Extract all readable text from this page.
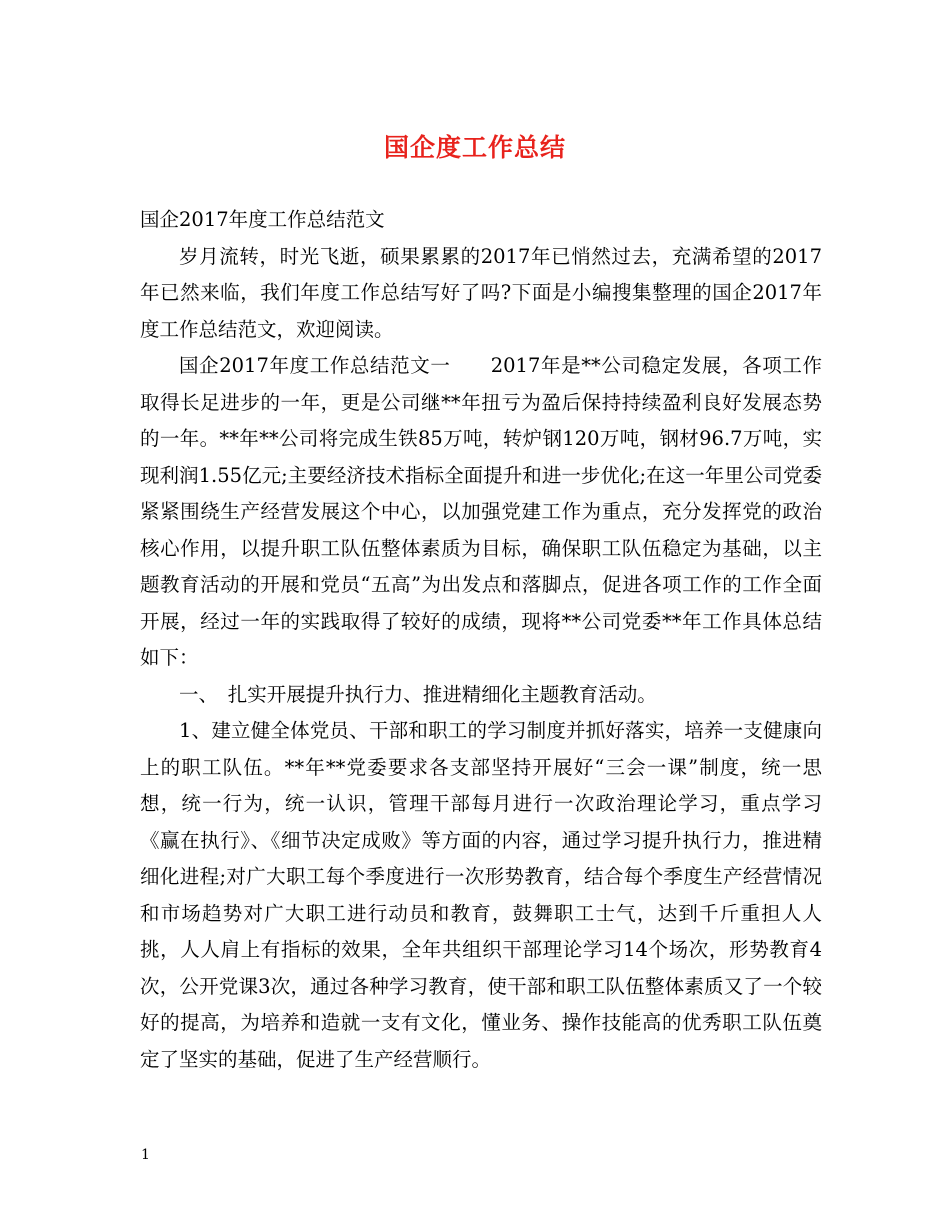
国企度工作总结

国企2017年度工作总结范文

岁月流转，时光飞逝，硕果累累的2017年已悄然过去，充满希望的2017年已然来临，我们年度工作总结写好了吗?下面是小编搜集整理的国企2017年度工作总结范文，欢迎阅读。

国企2017年度工作总结范文一　　2017年是**公司稳定发展，各项工作取得长足进步的一年，更是公司继**年扭亏为盈后保持持续盈利良好发展态势的一年。**年**公司将完成生铁85万吨，转炉钢120万吨，钢材96.7万吨，实现利润1.55亿元;主要经济技术指标全面提升和进一步优化;在这一年里公司党委紧紧围绕生产经营发展这个中心，以加强党建工作为重点，充分发挥党的政治核心作用，以提升职工队伍整体素质为目标，确保职工队伍稳定为基础，以主题教育活动的开展和党员“五高”为出发点和落脚点，促进各项工作的工作全面开展，经过一年的实践取得了较好的成绩，现将**公司党委**年工作具体总结如下：

一、　扎实开展提升执行力、推进精细化主题教育活动。

1、建立健全体党员、干部和职工的学习制度并抓好落实，培养一支健康向上的职工队伍。**年**党委要求各支部坚持开展好“三会一课”制度，统一思想，统一行为，统一认识，管理干部每月进行一次政治理论学习，重点学习《赢在执行》、《细节决定成败》等方面的内容，通过学习提升执行力，推进精细化进程;对广大职工每个季度进行一次形势教育，结合每个季度生产经营情况和市场趋势对广大职工进行动员和教育，鼓舞职工士气，达到千斤重担人人挑，人人肩上有指标的效果，全年共组织干部理论学习14个场次，形势教育4次，公开党课3次，通过各种学习教育，使干部和职工队伍整体素质又了一个较好的提高，为培养和造就一支有文化，懂业务、操作技能高的优秀职工队伍奠定了坚实的基础，促进了生产经营顺行。

1
